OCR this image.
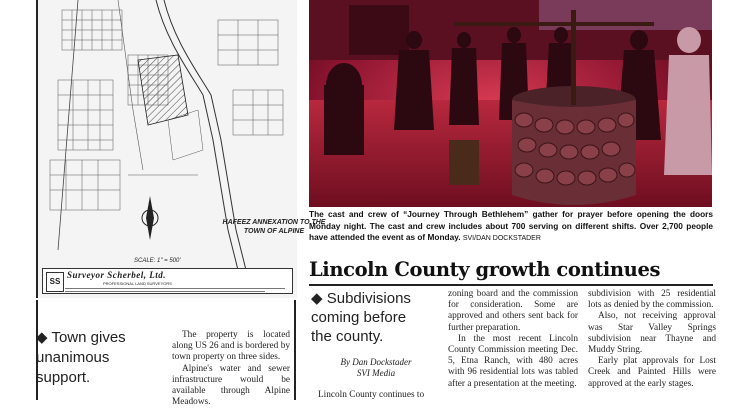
HAFEEZ ANNEXATION TO THE TOWN OF ALPINE
SCALE: 1" = 500'
SS
Surveyor Scherbel, Ltd.
PROFESSIONAL LAND SURVEYORS
The cast and crew of “Journey Through Bethlehem” gather for prayer before opening the doors Monday night. The cast and crew includes about 700 serving on different shifts. Over 2,700 people have attended the event as of Monday. SVI/DAN DOCKSTADER
Lincoln County growth continues
◆ Subdivisions coming before the county.
By Dan Dockstader
SVI Media
Lincoln County continues to
zoning board and the commission for consideration. Some are approved and others sent back for further preparation.
In the most recent Lincoln County Commission meeting Dec. 5, Etna Ranch, with 480 acres with 96 residential lots was tabled after a presentation at the meeting.
subdivision with 25 residential lots as denied by the commission.
Also, not receiving approval was Star Valley Springs subdivision near Thayne and Muddy String.
Early plat approvals for Lost Creek and Painted Hills were approved at the early stages.
◆ Town gives unanimous support.
The property is located along US 26 and is bordered by town property on three sides.
Alpine's water and sewer infrastructure would be available through Alpine Meadows.
